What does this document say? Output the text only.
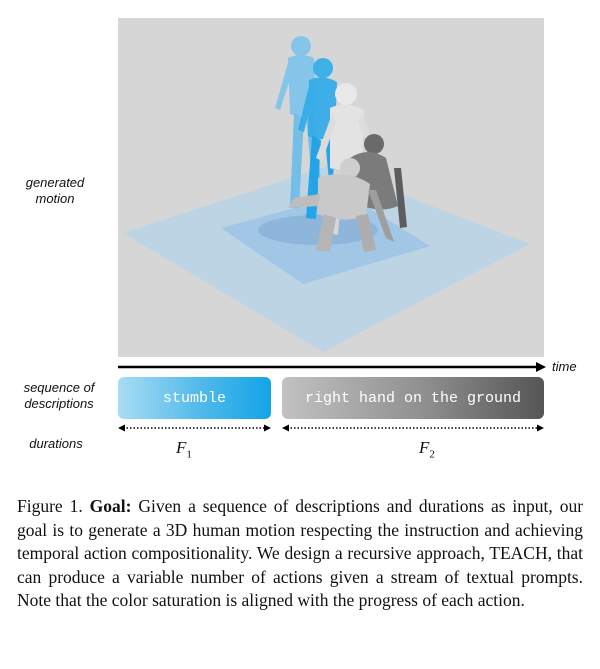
generated
motion
sequence of
descriptions
durations
time
stumble	right hand on the ground
$F_1$	$F_2$
Figure 1. Goal: Given a sequence of descriptions and durations as input, our goal is to generate a 3D human motion respecting the instruction and achieving temporal action compositionality. We design a recursive approach, TEACH, that can produce a variable number of actions given a stream of textual prompts. Note that the color saturation is aligned with the progress of each action.
